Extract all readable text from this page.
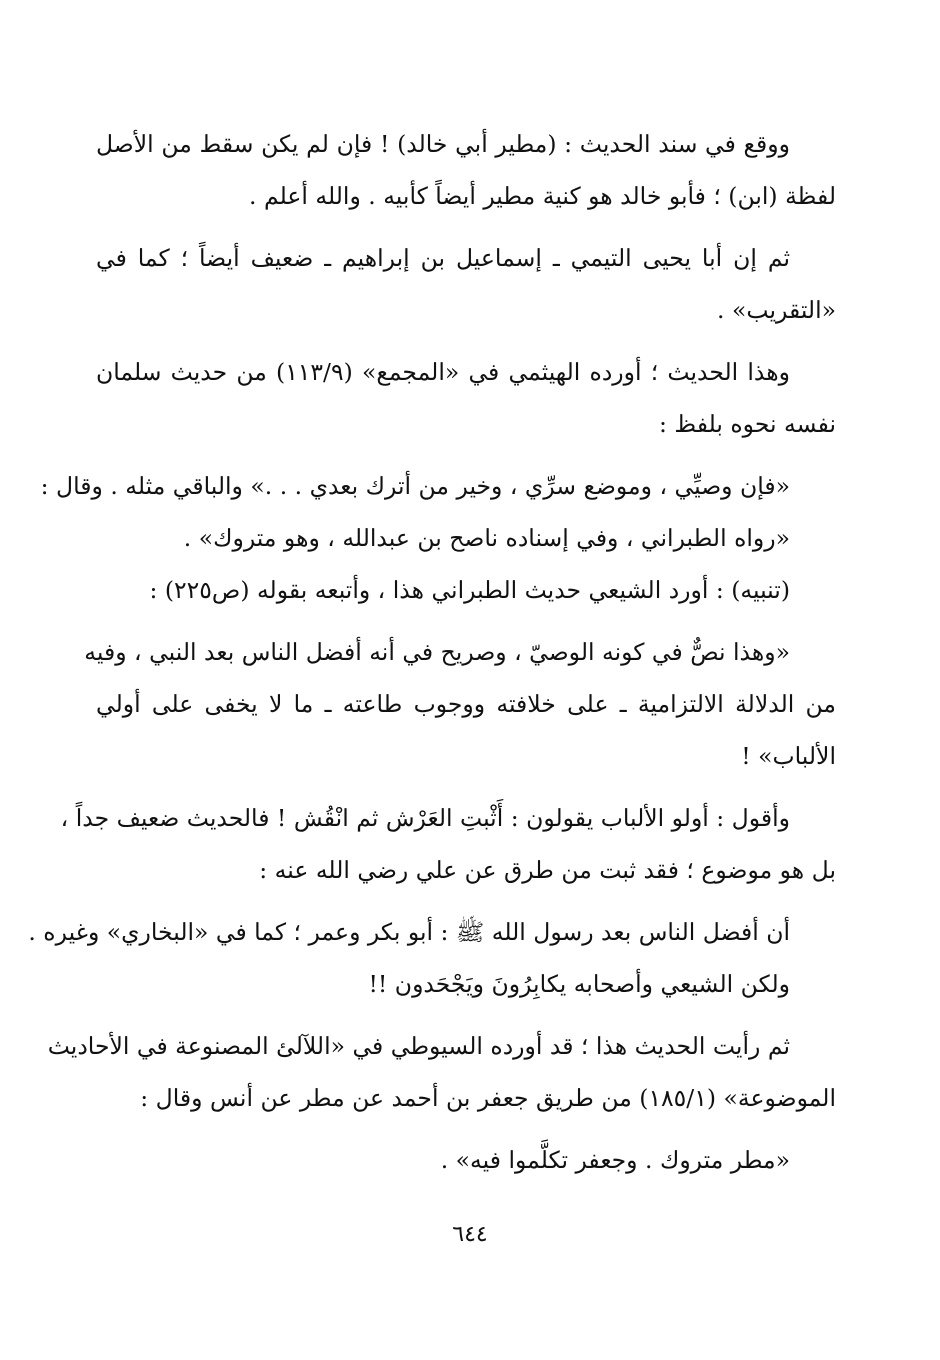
ووقع في سند الحديث : (مطير أبي خالد) ! فإن لم يكن سقط من الأصل
لفظة (ابن) ؛ فأبو خالد هو كنية مطير أيضاً كأبيه . والله أعلم .
ثم إن أبا يحيى التيمي ـ إسماعيل بن إبراهيم ـ ضعيف أيضاً ؛ كما في
«التقريب» .
وهذا الحديث ؛ أورده الهيثمي في «المجمع» (١١٣/٩) من حديث سلمان
نفسه نحوه بلفظ :
«فإن وصيِّي ، وموضع سرِّي ، وخير من أترك بعدي . . .» والباقي مثله . وقال :
«رواه الطبراني ، وفي إسناده ناصح بن عبدالله ، وهو متروك» .
(تنبيه) : أورد الشيعي حديث الطبراني هذا ، وأتبعه بقوله (ص٢٢٥) :
«وهذا نصٌّ في كونه الوصيّ ، وصريح في أنه أفضل الناس بعد النبي ، وفيه
من الدلالة الالتزامية ـ على خلافته ووجوب طاعته ـ ما لا يخفى على أولي
الألباب» !
وأقول : أولو الألباب يقولون : أَثْبتِ العَرْش ثم انْقُش ! فالحديث ضعيف جداً ،
بل هو موضوع ؛ فقد ثبت من طرق عن علي رضي الله عنه :
أن أفضل الناس بعد رسول الله ﷺ : أبو بكر وعمر ؛ كما في «البخاري» وغيره .
ولكن الشيعي وأصحابه يكابِرُونَ ويَجْحَدون !!
ثم رأيت الحديث هذا ؛ قد أورده السيوطي في «اللآلئ المصنوعة في الأحاديث
الموضوعة» (١٨٥/١) من طريق جعفر بن أحمد عن مطر عن أنس وقال :
«مطر متروك . وجعفر تكلَّموا فيه» .
٦٤٤
